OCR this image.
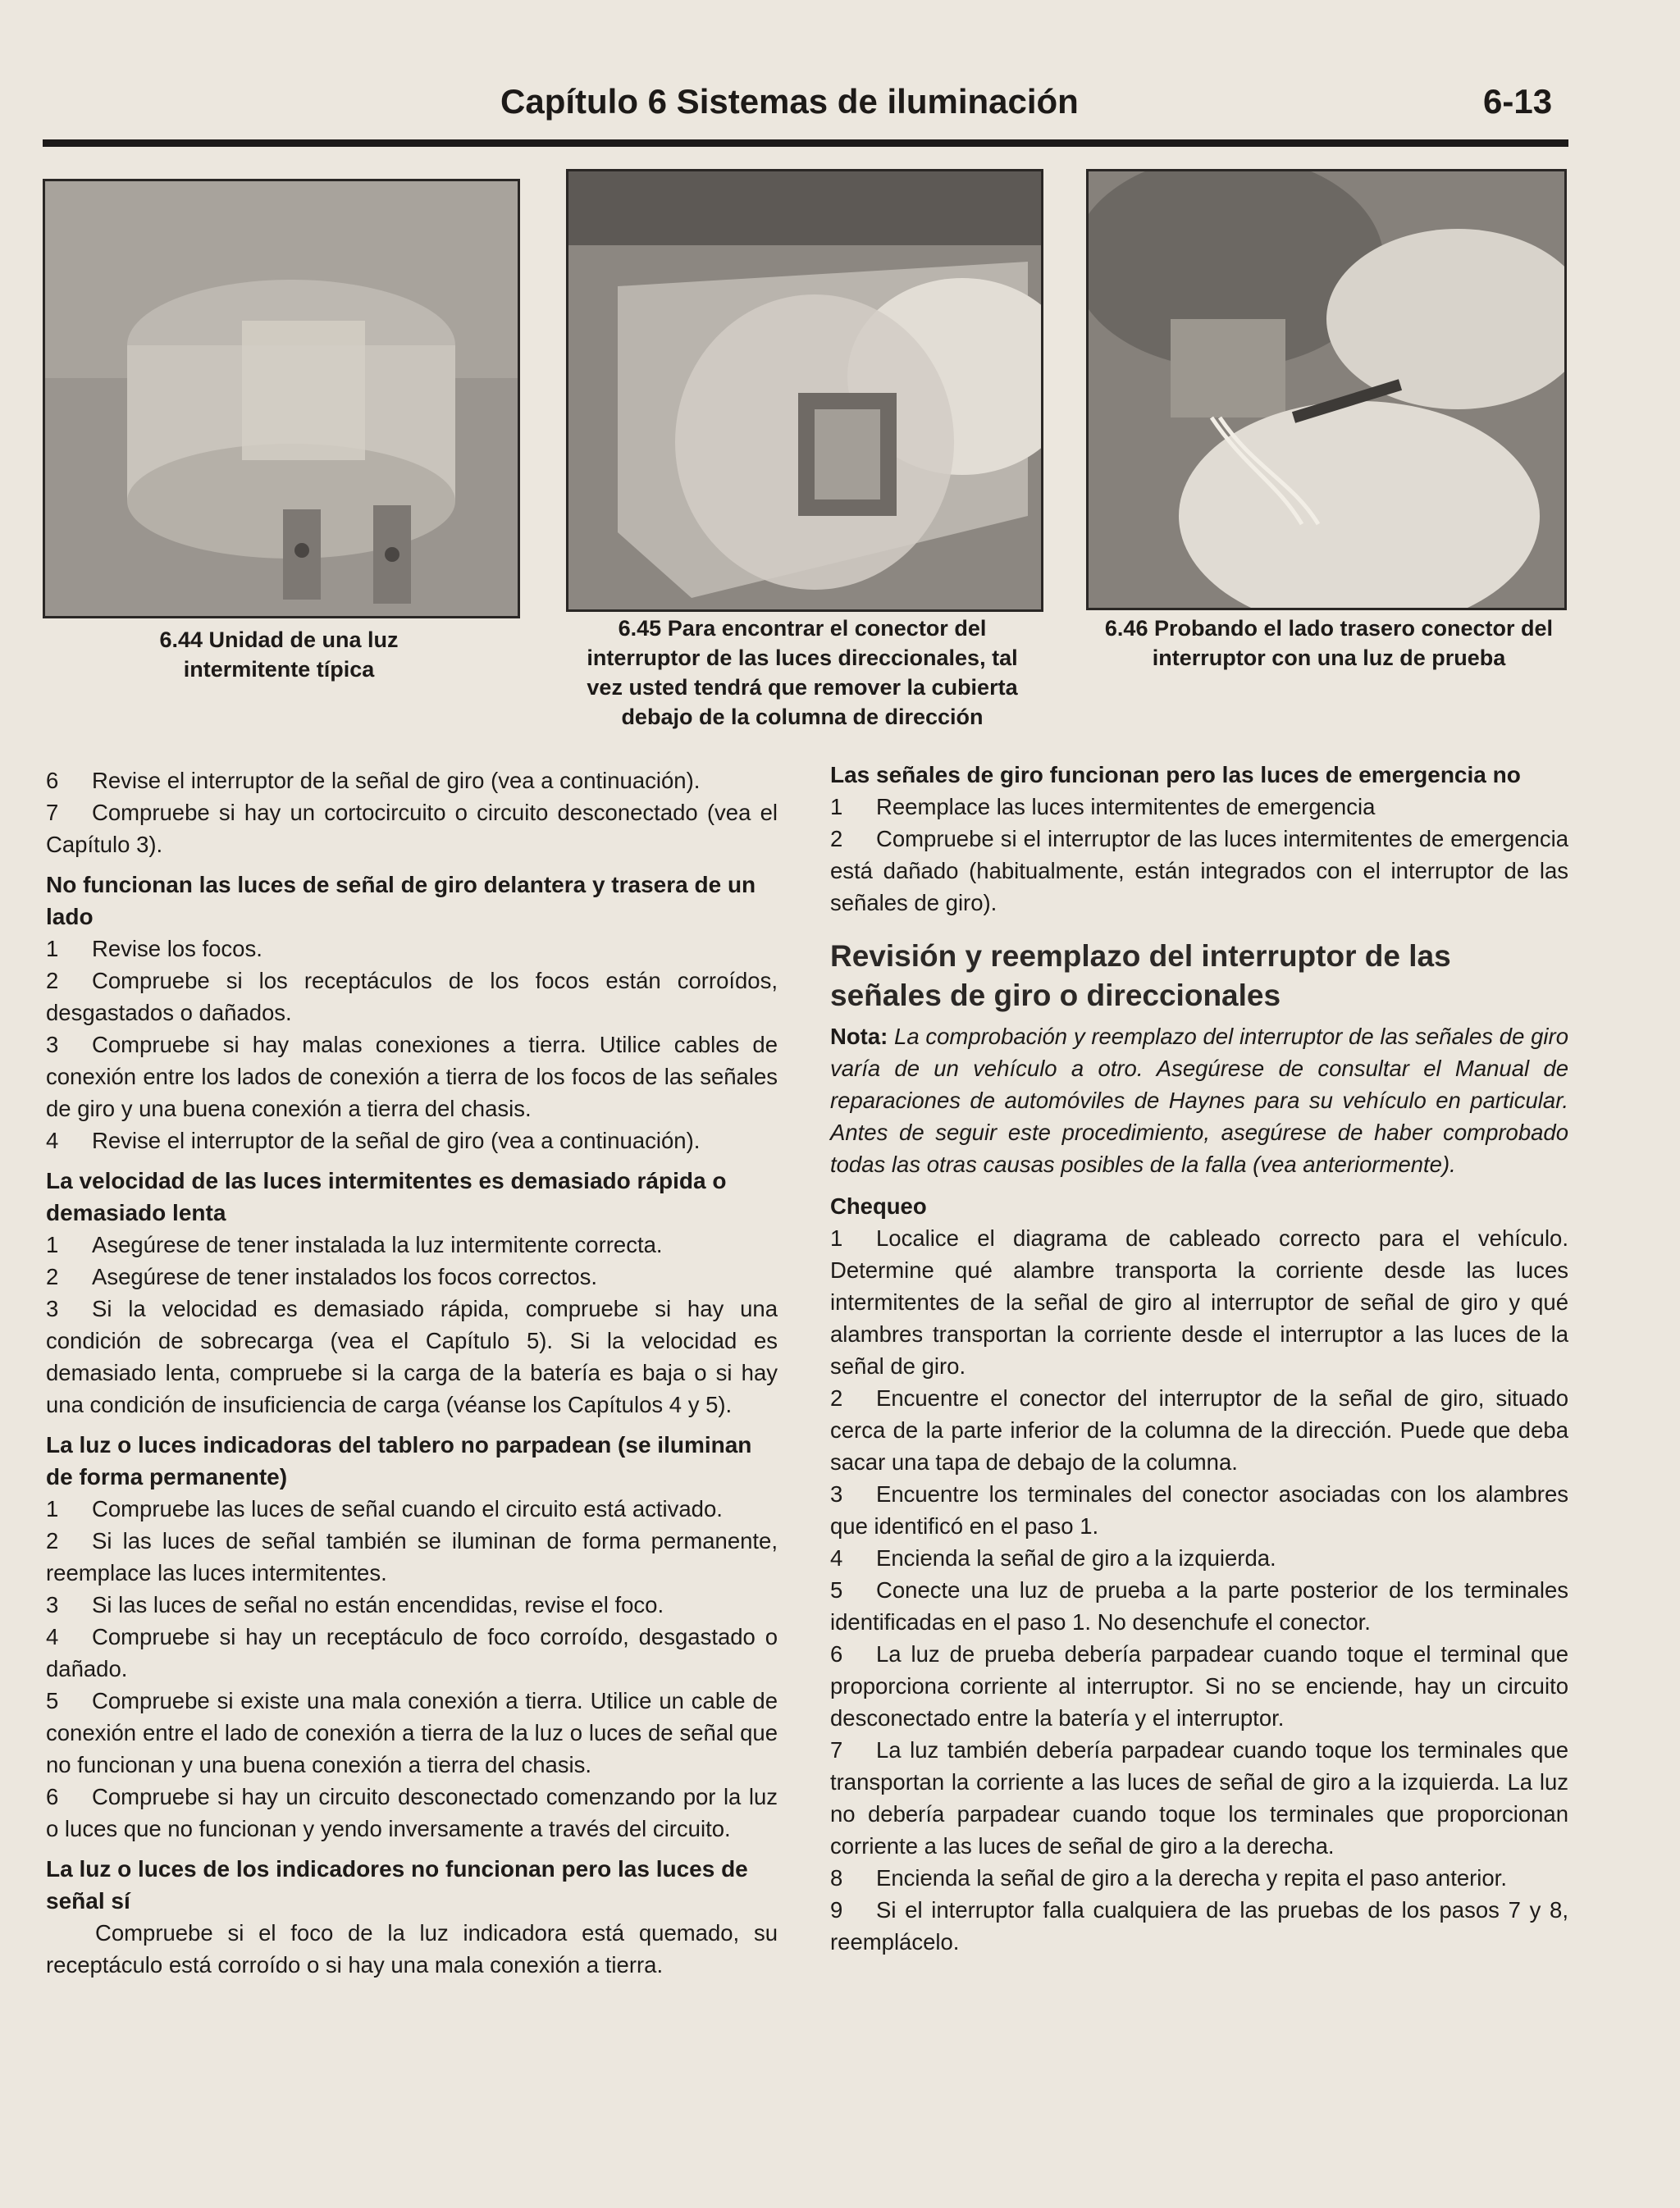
Capítulo 6 Sistemas de iluminación	6-13
6.44 Unidad de una luz intermitente típica
6.45 Para encontrar el conector del interruptor de las luces direccionales, tal vez usted tendrá que remover la cubierta debajo de la columna de dirección
6.46 Probando el lado trasero conector del interruptor con una luz de prueba

6 Revise el interruptor de la señal de giro (vea a continuación).

7 Compruebe si hay un cortocircuito o circuito desconectado (vea el Capítulo 3).

No funcionan las luces de señal de giro delantera y trasera de un lado

1 Revise los focos.

2 Compruebe si los receptáculos de los focos están corroídos, desgastados o dañados.

3 Compruebe si hay malas conexiones a tierra. Utilice cables de conexión entre los lados de conexión a tierra de los focos de las señales de giro y una buena conexión a tierra del chasis.

4 Revise el interruptor de la señal de giro (vea a continuación).

La velocidad de las luces intermitentes es demasiado rápida o demasiado lenta

1 Asegúrese de tener instalada la luz intermitente correcta.

2 Asegúrese de tener instalados los focos correctos.

3 Si la velocidad es demasiado rápida, compruebe si hay una condición de sobrecarga (vea el Capítulo 5). Si la velocidad es demasiado lenta, compruebe si la carga de la batería es baja o si hay una condición de insuficiencia de carga (véanse los Capítulos 4 y 5).

La luz o luces indicadoras del tablero no parpadean (se iluminan de forma permanente)

1 Compruebe las luces de señal cuando el circuito está activado.

2 Si las luces de señal también se iluminan de forma permanente, reemplace las luces intermitentes.

3 Si las luces de señal no están encendidas, revise el foco.

4 Compruebe si hay un receptáculo de foco corroído, desgastado o dañado.

5 Compruebe si existe una mala conexión a tierra. Utilice un cable de conexión entre el lado de conexión a tierra de la luz o luces de señal que no funcionan y una buena conexión a tierra del chasis.

6 Compruebe si hay un circuito desconectado comenzando por la luz o luces que no funcionan y yendo inversamente a través del circuito.

La luz o luces de los indicadores no funcionan pero las luces de señal sí

Compruebe si el foco de la luz indicadora está quemado, su receptáculo está corroído o si hay una mala conexión a tierra.

Las señales de giro funcionan pero las luces de emergencia no

1 Reemplace las luces intermitentes de emergencia

2 Compruebe si el interruptor de las luces intermitentes de emergencia está dañado (habitualmente, están integrados con el interruptor de las señales de giro).

Revisión y reemplazo del interruptor de las señales de giro o direccionales

Nota: La comprobación y reemplazo del interruptor de las señales de giro varía de un vehículo a otro. Asegúrese de consultar el Manual de reparaciones de automóviles de Haynes para su vehículo en particular. Antes de seguir este procedimiento, asegúrese de haber comprobado todas las otras causas posibles de la falla (vea anteriormente).

Chequeo

1 Localice el diagrama de cableado correcto para el vehículo. Determine qué alambre transporta la corriente desde las luces intermitentes de la señal de giro al interruptor de señal de giro y qué alambres transportan la corriente desde el interruptor a las luces de la señal de giro.

2 Encuentre el conector del interruptor de la señal de giro, situado cerca de la parte inferior de la columna de la dirección. Puede que deba sacar una tapa de debajo de la columna.

3 Encuentre los terminales del conector asociadas con los alambres que identificó en el paso 1.

4 Encienda la señal de giro a la izquierda.

5 Conecte una luz de prueba a la parte posterior de los terminales identificadas en el paso 1. No desenchufe el conector.

6 La luz de prueba debería parpadear cuando toque el terminal que proporciona corriente al interruptor. Si no se enciende, hay un circuito desconectado entre la batería y el interruptor.

7 La luz también debería parpadear cuando toque los terminales que transportan la corriente a las luces de señal de giro a la izquierda. La luz no debería parpadear cuando toque los terminales que proporcionan corriente a las luces de señal de giro a la derecha.

8 Encienda la señal de giro a la derecha y repita el paso anterior.

9 Si el interruptor falla cualquiera de las pruebas de los pasos 7 y 8, reemplácelo.
